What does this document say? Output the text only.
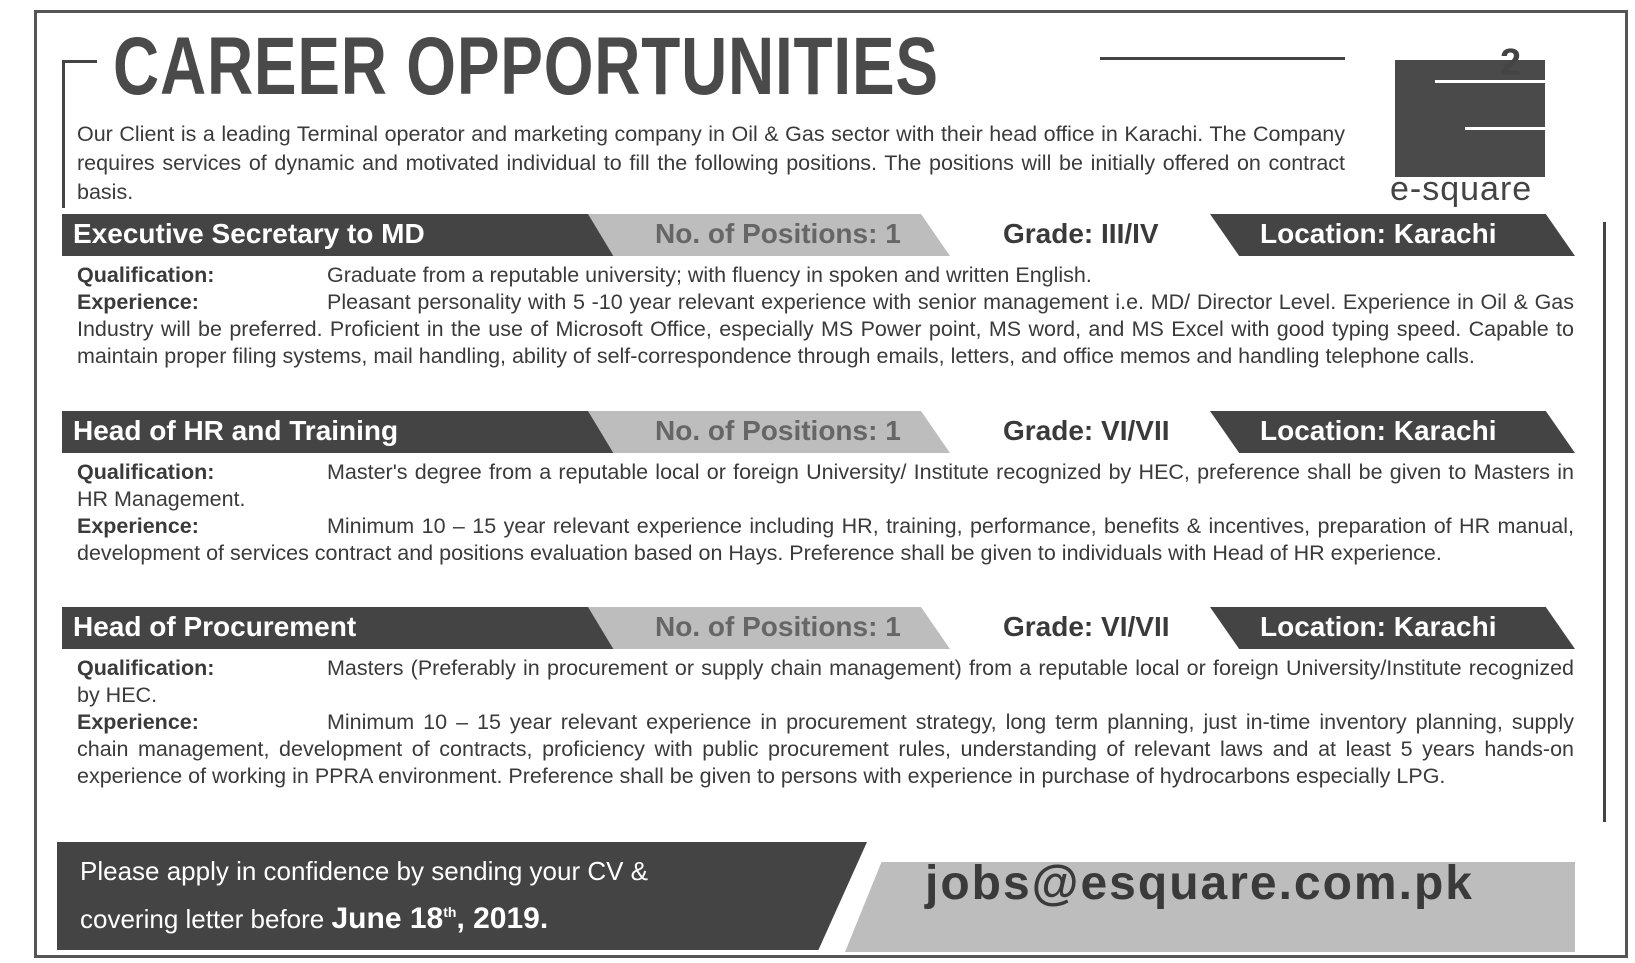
CAREER OPPORTUNITIES	2
e-square
Our Client is a leading Terminal operator and marketing company in Oil & Gas sector with their head office in Karachi. The Company requires services of dynamic and motivated individual to fill the following positions. The positions will be initially offered on contract basis.
Executive Secretary to MD	No. of Positions: 1	Grade: III/IV	Location: Karachi
Qualification:	Graduate from a reputable university; with fluency in spoken and written English.
Experience:	Pleasant personality with 5 -10 year relevant experience with senior management i.e. MD/ Director Level. Experience in Oil & Gas Industry will be preferred. Proficient in the use of Microsoft Office, especially MS Power point, MS word, and MS Excel with good typing speed. Capable to maintain proper filing systems, mail handling, ability of self-correspondence through emails, letters, and office memos and handling telephone calls.
Head of HR and Training	No. of Positions: 1	Grade: VI/VII	Location: Karachi
Qualification:	Master's degree from a reputable local or foreign University/ Institute recognized by HEC, preference shall be given to Masters in HR Management.
Experience:	Minimum 10 – 15 year relevant experience including HR, training, performance, benefits & incentives, preparation of HR manual, development of services contract and positions evaluation based on Hays. Preference shall be given to individuals with Head of HR experience.
Head of Procurement	No. of Positions: 1	Grade: VI/VII	Location: Karachi
Qualification:	Masters (Preferably in procurement or supply chain management) from a reputable local or foreign University/Institute recognized by HEC.
Experience:	Minimum 10 – 15 year relevant experience in procurement strategy, long term planning, just in-time inventory planning, supply chain management, development of contracts, proficiency with public procurement rules, understanding of relevant laws and at least 5 years hands-on experience of working in PPRA environment. Preference shall be given to persons with experience in purchase of hydrocarbons especially LPG.
Please apply in confidence by sending your CV &
covering letter before June 18th, 2019.
jobs@esquare.com.pk
